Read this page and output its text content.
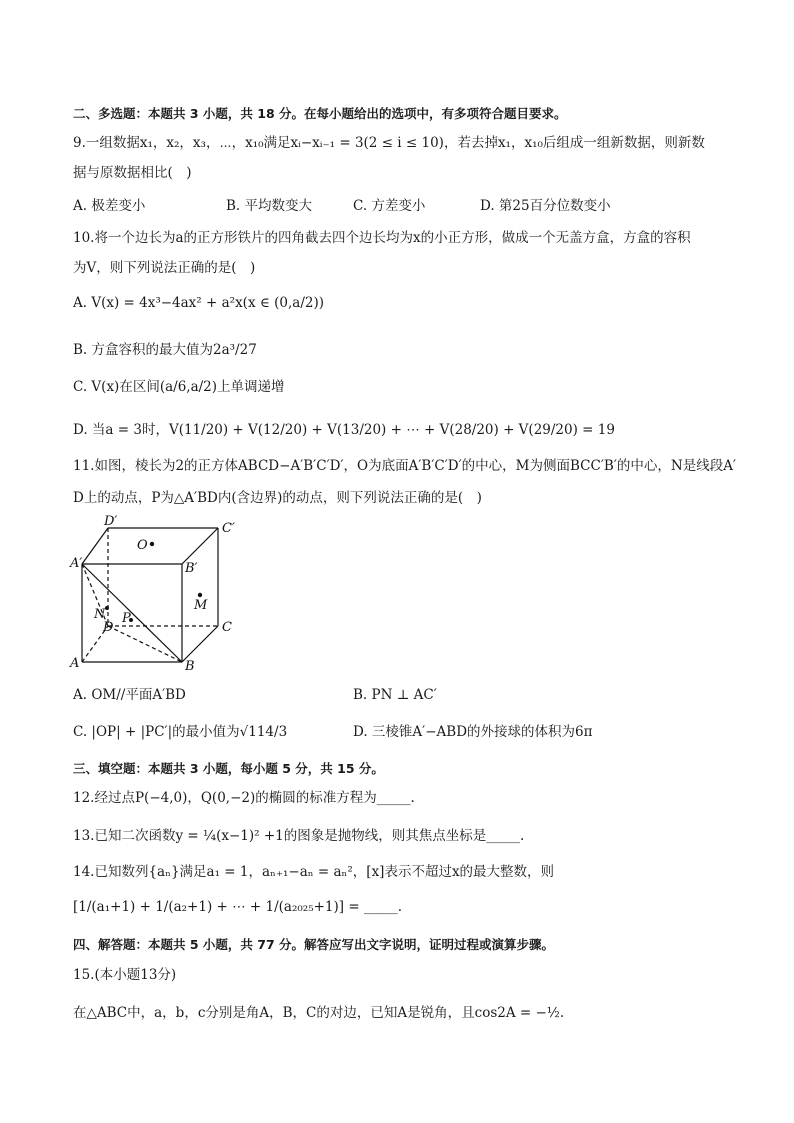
二、多选题：本题共 3 小题，共 18 分。在每小题给出的选项中，有多项符合题目要求。
9.一组数据x₁，x₂，x₃，⋯，x₁₀满足xᵢ−xᵢ₋₁ = 3(2 ≤ i ≤ 10)，若去掉x₁，x₁₀后组成一组新数据，则新数
据与原数据相比(　)
A. 极差变小	B. 平均数变大	C. 方差变小	D. 第25百分位数变小
10.将一个边长为a的正方形铁片的四角截去四个边长均为x的小正方形，做成一个无盖方盒，方盒的容积
为V，则下列说法正确的是(　)
A. V(x) = 4x³−4ax² + a²x(x ∈ (0,a/2))
B. 方盒容积的最大值为2a³/27
C. V(x)在区间(a/6,a/2)上单调递增
D. 当a = 3时，V(11/20) + V(12/20) + V(13/20) + ⋯ + V(28/20) + V(29/20) = 19
11.如图，棱长为2的正方体ABCD−A′B′C′D′，O为底面A′B′C′D′的中心，M为侧面BCC′B′的中心，N是线段A′
D上的动点，P为△A′BD内(含边界)的动点，则下列说法正确的是(　)
D′	C′
A′	B′
O
M
N P
D	C
A	B
A. OM//平面A′BD	B. PN ⊥ AC′
C. |OP| + |PC′|的最小值为√114/3	D. 三棱锥A′−ABD的外接球的体积为6π
三、填空题：本题共 3 小题，每小题 5 分，共 15 分。
12.经过点P(−4,0)，Q(0,−2)的椭圆的标准方程为_____.
13.已知二次函数y = ¼(x−1)² +1的图象是抛物线，则其焦点坐标是_____.
14.已知数列{aₙ}满足a₁ = 1，aₙ₊₁−aₙ = aₙ²，[x]表示不超过x的最大整数，则
[1/(a₁+1) + 1/(a₂+1) + ⋯ + 1/(a₂₀₂₅+1)] = _____.
四、解答题：本题共 5 小题，共 77 分。解答应写出文字说明，证明过程或演算步骤。
15.(本小题13分)
在△ABC中，a，b，c分别是角A，B，C的对边，已知A是锐角，且cos2A = −½.
